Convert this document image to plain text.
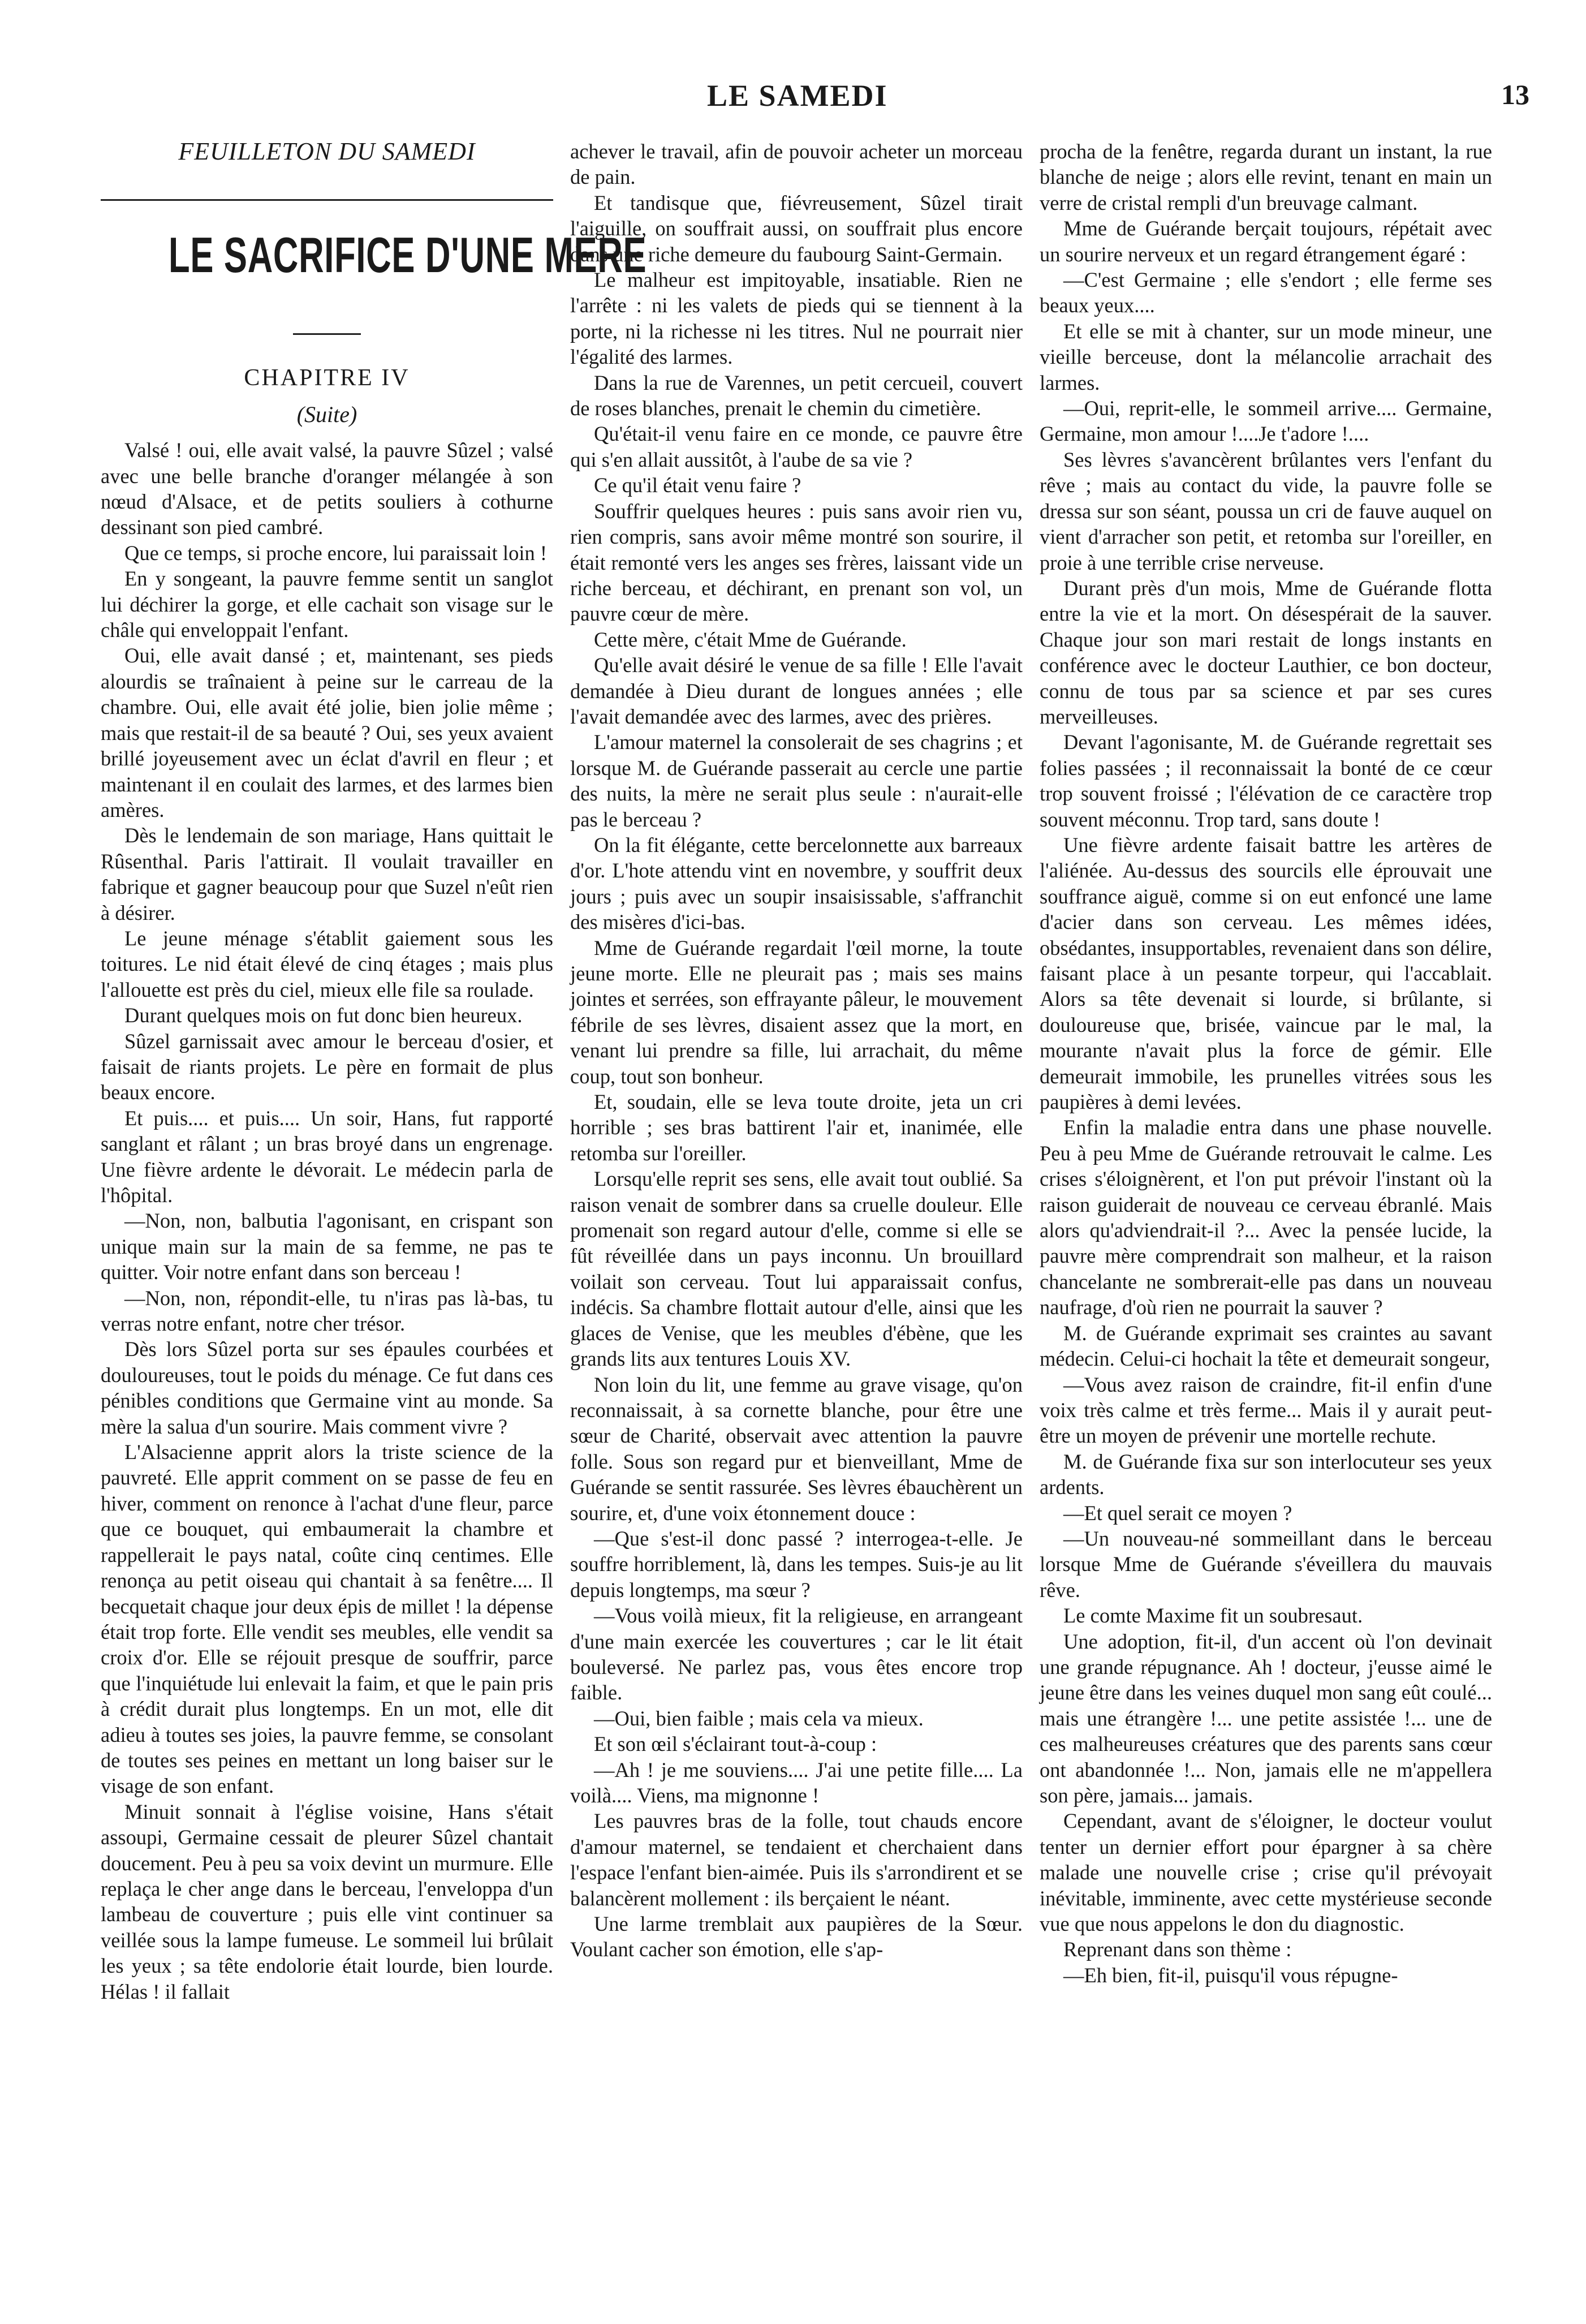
LE SAMEDI	13
FEUILLETON DU SAMEDI
LE SACRIFICE D'UNE MERE
CHAPITRE IV
(Suite)

Valsé ! oui, elle avait valsé, la pauvre Sûzel ; valsé avec une belle branche d'oranger mélangée à son nœud d'Alsace, et de petits souliers à cothurne dessinant son pied cambré.

Que ce temps, si proche encore, lui paraissait loin !

En y songeant, la pauvre femme sentit un sanglot lui déchirer la gorge, et elle cachait son visage sur le châle qui enveloppait l'enfant.

Oui, elle avait dansé ; et, maintenant, ses pieds alourdis se traînaient à peine sur le carreau de la chambre. Oui, elle avait été jolie, bien jolie même ; mais que restait-il de sa beauté ? Oui, ses yeux avaient brillé joyeusement avec un éclat d'avril en fleur ; et maintenant il en coulait des larmes, et des larmes bien amères.

Dès le lendemain de son mariage, Hans quittait le Rûsenthal. Paris l'attirait. Il voulait travailler en fabrique et gagner beaucoup pour que Suzel n'eût rien à désirer.

Le jeune ménage s'établit gaiement sous les toitures. Le nid était élevé de cinq étages ; mais plus l'allouette est près du ciel, mieux elle file sa roulade.

Durant quelques mois on fut donc bien heureux.

Sûzel garnissait avec amour le berceau d'osier, et faisait de riants projets. Le père en formait de plus beaux encore.

Et puis.... et puis.... Un soir, Hans, fut rapporté sanglant et râlant ; un bras broyé dans un engrenage. Une fièvre ardente le dévorait. Le médecin parla de l'hôpital.

—Non, non, balbutia l'agonisant, en crispant son unique main sur la main de sa femme, ne pas te quitter. Voir notre enfant dans son berceau !

—Non, non, répondit-elle, tu n'iras pas là-bas, tu verras notre enfant, notre cher trésor.

Dès lors Sûzel porta sur ses épaules courbées et douloureuses, tout le poids du ménage. Ce fut dans ces pénibles conditions que Germaine vint au monde. Sa mère la salua d'un sourire. Mais comment vivre ?

L'Alsacienne apprit alors la triste science de la pauvreté. Elle apprit comment on se passe de feu en hiver, comment on renonce à l'achat d'une fleur, parce que ce bouquet, qui embaumerait la chambre et rappellerait le pays natal, coûte cinq centimes. Elle renonça au petit oiseau qui chantait à sa fenêtre.... Il becquetait chaque jour deux épis de millet ! la dépense était trop forte. Elle vendit ses meubles, elle vendit sa croix d'or. Elle se réjouit presque de souffrir, parce que l'inquiétude lui enlevait la faim, et que le pain pris à crédit durait plus longtemps. En un mot, elle dit adieu à toutes ses joies, la pauvre femme, se consolant de toutes ses peines en mettant un long baiser sur le visage de son enfant.

Minuit sonnait à l'église voisine, Hans s'était assoupi, Germaine cessait de pleurer Sûzel chantait doucement. Peu à peu sa voix devint un murmure. Elle replaça le cher ange dans le berceau, l'enveloppa d'un lambeau de couverture ; puis elle vint continuer sa veillée sous la lampe fumeuse. Le sommeil lui brûlait les yeux ; sa tête endolorie était lourde, bien lourde. Hélas ! il fallait

achever le travail, afin de pouvoir acheter un morceau de pain.

Et tandisque que, fiévreusement, Sûzel tirait l'aiguille, on souffrait aussi, on souffrait plus encore dans une riche demeure du faubourg Saint-Germain.

Le malheur est impitoyable, insatiable. Rien ne l'arrête : ni les valets de pieds qui se tiennent à la porte, ni la richesse ni les titres. Nul ne pourrait nier l'égalité des larmes.

Dans la rue de Varennes, un petit cercueil, couvert de roses blanches, prenait le chemin du cimetière.

Qu'était-il venu faire en ce monde, ce pauvre être qui s'en allait aussitôt, à l'aube de sa vie ?

Ce qu'il était venu faire ?

Souffrir quelques heures : puis sans avoir rien vu, rien compris, sans avoir même montré son sourire, il était remonté vers les anges ses frères, laissant vide un riche berceau, et déchirant, en prenant son vol, un pauvre cœur de mère.

Cette mère, c'était Mme de Guérande.

Qu'elle avait désiré le venue de sa fille ! Elle l'avait demandée à Dieu durant de longues années ; elle l'avait demandée avec des larmes, avec des prières.

L'amour maternel la consolerait de ses chagrins ; et lorsque M. de Guérande passerait au cercle une partie des nuits, la mère ne serait plus seule : n'aurait-elle pas le berceau ?

On la fit élégante, cette bercelonnette aux barreaux d'or. L'hote attendu vint en novembre, y souffrit deux jours ; puis avec un soupir insaisissable, s'affranchit des misères d'ici-bas.

Mme de Guérande regardait l'œil morne, la toute jeune morte. Elle ne pleurait pas ; mais ses mains jointes et serrées, son effrayante pâleur, le mouvement fébrile de ses lèvres, disaient assez que la mort, en venant lui prendre sa fille, lui arrachait, du même coup, tout son bonheur.

Et, soudain, elle se leva toute droite, jeta un cri horrible ; ses bras battirent l'air et, inanimée, elle retomba sur l'oreiller.

Lorsqu'elle reprit ses sens, elle avait tout oublié. Sa raison venait de sombrer dans sa cruelle douleur. Elle promenait son regard autour d'elle, comme si elle se fût réveillée dans un pays inconnu. Un brouillard voilait son cerveau. Tout lui apparaissait confus, indécis. Sa chambre flottait autour d'elle, ainsi que les glaces de Venise, que les meubles d'ébène, que les grands lits aux tentures Louis XV.

Non loin du lit, une femme au grave visage, qu'on reconnaissait, à sa cornette blanche, pour être une sœur de Charité, observait avec attention la pauvre folle. Sous son regard pur et bienveillant, Mme de Guérande se sentit rassurée. Ses lèvres ébauchèrent un sourire, et, d'une voix étonnement douce :

—Que s'est-il donc passé ? interrogea-t-elle. Je souffre horriblement, là, dans les tempes. Suis-je au lit depuis longtemps, ma sœur ?

—Vous voilà mieux, fit la religieuse, en arrangeant d'une main exercée les couvertures ; car le lit était bouleversé. Ne parlez pas, vous êtes encore trop faible.

—Oui, bien faible ; mais cela va mieux.

Et son œil s'éclairant tout-à-coup :

—Ah ! je me souviens.... J'ai une petite fille.... La voilà.... Viens, ma mignonne !

Les pauvres bras de la folle, tout chauds encore d'amour maternel, se tendaient et cherchaient dans l'espace l'enfant bien-aimée. Puis ils s'arrondirent et se balancèrent mollement : ils berçaient le néant.

Une larme tremblait aux paupières de la Sœur. Voulant cacher son émotion, elle s'ap-

procha de la fenêtre, regarda durant un instant, la rue blanche de neige ; alors elle revint, tenant en main un verre de cristal rempli d'un breuvage calmant.

Mme de Guérande berçait toujours, répétait avec un sourire nerveux et un regard étrangement égaré :

—C'est Germaine ; elle s'endort ; elle ferme ses beaux yeux....

Et elle se mit à chanter, sur un mode mineur, une vieille berceuse, dont la mélancolie arrachait des larmes.

—Oui, reprit-elle, le sommeil arrive.... Germaine, Germaine, mon amour !....Je t'adore !....

Ses lèvres s'avancèrent brûlantes vers l'enfant du rêve ; mais au contact du vide, la pauvre folle se dressa sur son séant, poussa un cri de fauve auquel on vient d'arracher son petit, et retomba sur l'oreiller, en proie à une terrible crise nerveuse.

Durant près d'un mois, Mme de Guérande flotta entre la vie et la mort. On désespérait de la sauver. Chaque jour son mari restait de longs instants en conférence avec le docteur Lauthier, ce bon docteur, connu de tous par sa science et par ses cures merveilleuses.

Devant l'agonisante, M. de Guérande regrettait ses folies passées ; il reconnaissait la bonté de ce cœur trop souvent froissé ; l'élévation de ce caractère trop souvent méconnu. Trop tard, sans doute !

Une fièvre ardente faisait battre les artères de l'aliénée. Au-dessus des sourcils elle éprouvait une souffrance aiguë, comme si on eut enfoncé une lame d'acier dans son cerveau. Les mêmes idées, obsédantes, insupportables, revenaient dans son délire, faisant place à un pesante torpeur, qui l'accablait. Alors sa tête devenait si lourde, si brûlante, si douloureuse que, brisée, vaincue par le mal, la mourante n'avait plus la force de gémir. Elle demeurait immobile, les prunelles vitrées sous les paupières à demi levées.

Enfin la maladie entra dans une phase nouvelle. Peu à peu Mme de Guérande retrouvait le calme. Les crises s'éloignèrent, et l'on put prévoir l'instant où la raison guiderait de nouveau ce cerveau ébranlé. Mais alors qu'adviendrait-il ?... Avec la pensée lucide, la pauvre mère comprendrait son malheur, et la raison chancelante ne sombrerait-elle pas dans un nouveau naufrage, d'où rien ne pourrait la sauver ?

M. de Guérande exprimait ses craintes au savant médecin. Celui-ci hochait la tête et demeurait songeur,

—Vous avez raison de craindre, fit-il enfin d'une voix très calme et très ferme... Mais il y aurait peut-être un moyen de prévenir une mortelle rechute.

M. de Guérande fixa sur son interlocuteur ses yeux ardents.

—Et quel serait ce moyen ?

—Un nouveau-né sommeillant dans le berceau lorsque Mme de Guérande s'éveillera du mauvais rêve.

Le comte Maxime fit un soubresaut.

Une adoption, fit-il, d'un accent où l'on devinait une grande répugnance. Ah ! docteur, j'eusse aimé le jeune être dans les veines duquel mon sang eût coulé... mais une étrangère !... une petite assistée !... une de ces malheureuses créatures que des parents sans cœur ont abandonnée !... Non, jamais elle ne m'appellera son père, jamais... jamais.

Cependant, avant de s'éloigner, le docteur voulut tenter un dernier effort pour épargner à sa chère malade une nouvelle crise ; crise qu'il prévoyait inévitable, imminente, avec cette mystérieuse seconde vue que nous appelons le don du diagnostic.

Reprenant dans son thème :

—Eh bien, fit-il, puisqu'il vous répugne-
